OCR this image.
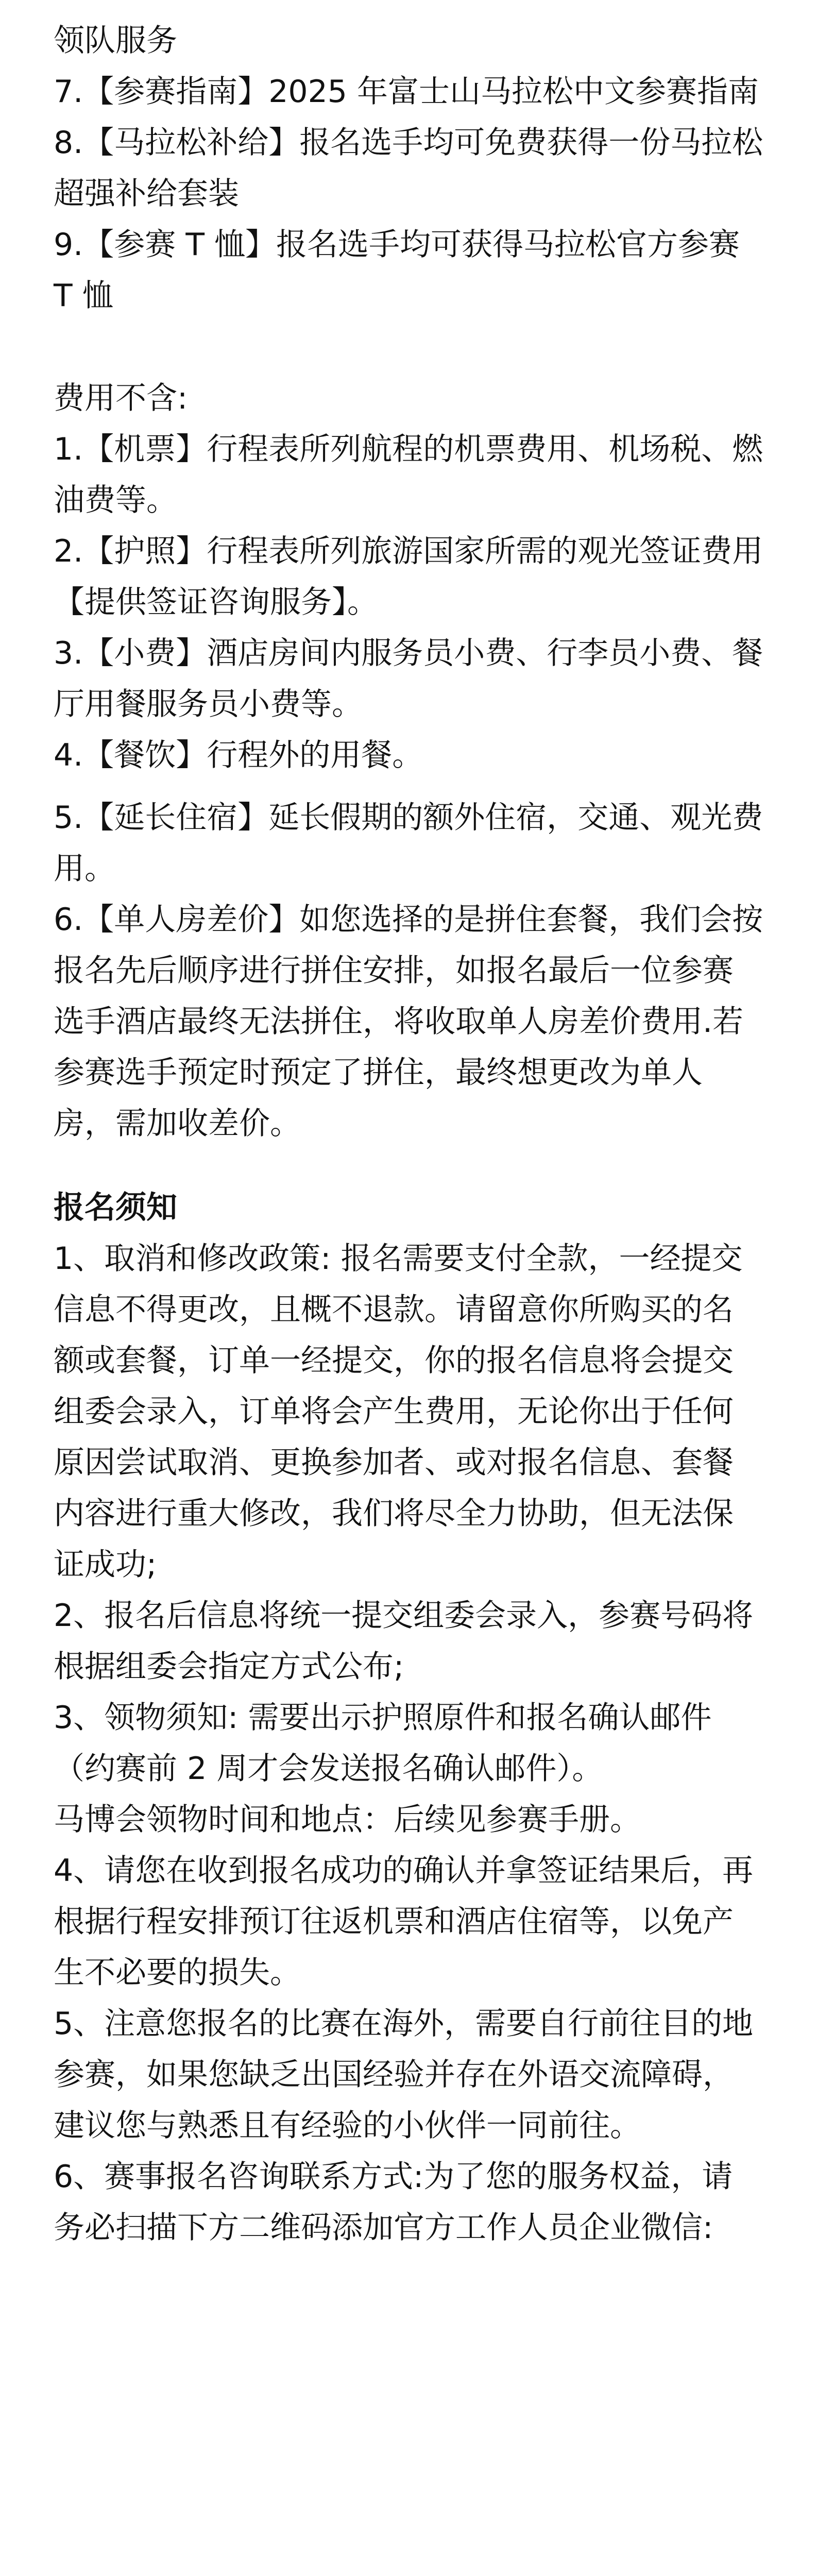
领队服务

7.【参赛指南】2025 年富士山马拉松中文参赛指南

8.【马拉松补给】报名选手均可免费获得一份马拉松超强补给套装

9.【参赛 T 恤】报名选手均可获得马拉松官方参赛 T 恤

费用不含:

1.【机票】行程表所列航程的机票费用、机场税、燃油费等。

2.【护照】行程表所列旅游国家所需的观光签证费用【提供签证咨询服务】。

3.【小费】酒店房间内服务员小费、行李员小费、餐厅用餐服务员小费等。

4.【餐饮】行程外的用餐。

5.【延长住宿】延长假期的额外住宿，交通、观光费用。

6.【单人房差价】如您选择的是拼住套餐，我们会按报名先后顺序进行拼住安排，如报名最后一位参赛选手酒店最终无法拼住，将收取单人房差价费用.若参赛选手预定时预定了拼住，最终想更改为单人房，需加收差价。

报名须知

1、取消和修改政策: 报名需要支付全款，一经提交信息不得更改，且概不退款。请留意你所购买的名额或套餐，订单一经提交，你的报名信息将会提交组委会录入，订单将会产生费用，无论你出于任何原因尝试取消、更换参加者、或对报名信息、套餐内容进行重大修改，我们将尽全力协助，但无法保证成功;

2、报名后信息将统一提交组委会录入，参赛号码将根据组委会指定方式公布;

3、领物须知: 需要出示护照原件和报名确认邮件（约赛前 2 周才会发送报名确认邮件）。

马博会领物时间和地点：后续见参赛手册。

4、请您在收到报名成功的确认并拿签证结果后，再根据行程安排预订往返机票和酒店住宿等，以免产生不必要的损失。

5、注意您报名的比赛在海外，需要自行前往目的地参赛，如果您缺乏出国经验并存在外语交流障碍，建议您与熟悉且有经验的小伙伴一同前往。

6、赛事报名咨询联系方式:为了您的服务权益，请务必扫描下方二维码添加官方工作人员企业微信:
